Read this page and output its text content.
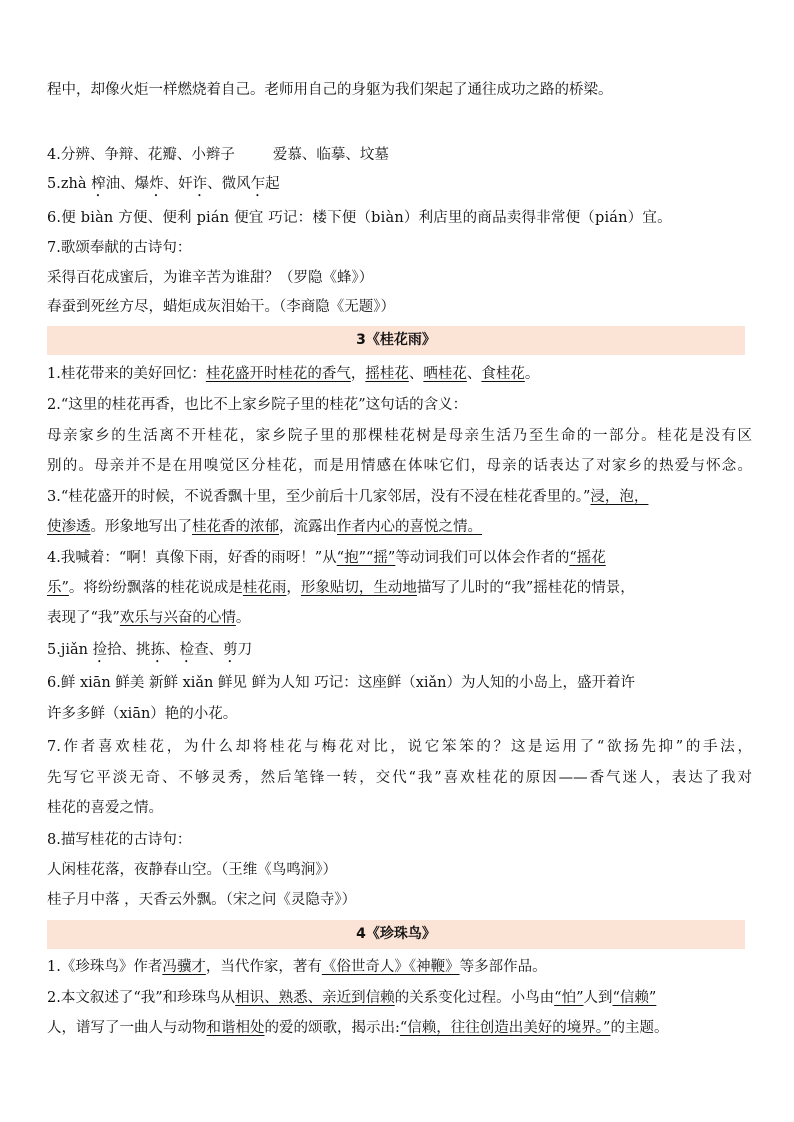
程中，却像火炬一样燃烧着自己。老师用自己的身躯为我们架起了通往成功之路的桥梁。
4.分辨、争辩、花瓣、小辫子	爱慕、临摹、坟墓
5.zhà 榨油、爆炸、奸诈、微风乍起
6.便 biàn 方便、便利 pián 便宜 巧记：楼下便（biàn）利店里的商品卖得非常便（pián）宜。
7.歌颂奉献的古诗句：
采得百花成蜜后，为谁辛苦为谁甜？（罗隐《蜂》）
春蚕到死丝方尽，蜡炬成灰泪始干。（李商隐《无题》）
3《桂花雨》
1.桂花带来的美好回忆：桂花盛开时桂花的香气，摇桂花、晒桂花、食桂花。
2.“这里的桂花再香，也比不上家乡院子里的桂花”这句话的含义：
母亲家乡的生活离不开桂花，家乡院子里的那棵桂花树是母亲生活乃至生命的一部分。桂花是没有区
别的。母亲并不是在用嗅觉区分桂花，而是用情感在体味它们，母亲的话表达了对家乡的热爱与怀念。
3.“桂花盛开的时候，不说香飘十里，至少前后十几家邻居，没有不浸在桂花香里的。”浸，泡，
使渗透。形象地写出了桂花香的浓郁，流露出作者内心的喜悦之情。
4.我喊着：“啊！真像下雨，好香的雨呀！”从“抱”“摇”等动词我们可以体会作者的“摇花
乐”。将纷纷飘落的桂花说成是桂花雨，形象贴切，生动地描写了儿时的“我”摇桂花的情景，
表现了“我”欢乐与兴奋的心情。
5.jiǎn 捡拾、挑拣、检查、剪刀
6.鲜 xiān 鲜美 新鲜 xiǎn 鲜见 鲜为人知 巧记：这座鲜（xiǎn）为人知的小岛上，盛开着许
许多多鲜（xiān）艳的小花。
7.作者喜欢桂花，为什么却将桂花与梅花对比，说它笨笨的？这是运用了“欲扬先抑”的手法，
先写它平淡无奇、不够灵秀，然后笔锋一转，交代“我”喜欢桂花的原因——香气迷人，表达了我对
桂花的喜爱之情。
8.描写桂花的古诗句：
人闲桂花落，夜静春山空。（王维《鸟鸣涧》）
桂子月中落 ，天香云外飘。（宋之问《灵隐寺》）
4《珍珠鸟》
1.《珍珠鸟》作者冯骥才，当代作家，著有《俗世奇人》《神鞭》等多部作品。
2.本文叙述了“我”和珍珠鸟从相识、熟悉、亲近到信赖的关系变化过程。小鸟由“怕”人到“信赖”
人，谱写了一曲人与动物和谐相处的爱的颂歌，揭示出:“信赖，往往创造出美好的境界。”的主题。
